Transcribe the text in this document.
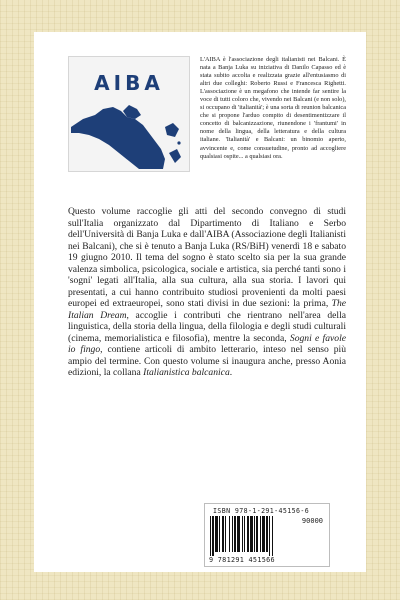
AIBA
L'AIBA è l'associazione degli italianisti nei Balcani. È nata a Banja Luka su iniziativa di Danilo Capasso ed è stata subito accolta e realizzata grazie all'entusiasmo di altri due colleghi: Roberto Russi e Francesca Righetti. L'associazione è un megafono che intende far sentire la voce di tutti coloro che, vivendo nei Balcani (e non solo), si occupano di 'italianità'; è una sorta di reunion balcanica che si propone l'arduo compito di desentimentizzare il concetto di balcanizzazione, riunendone i 'frantumi' in nome della lingua, della letteratura e della cultura italiane. 'Italianità' e Balcani: un binomio aperto, avvincente e, come consuetudine, pronto ad accogliere qualsiasi ospite... a qualsiasi ora.
Questo volume raccoglie gli atti del secondo convegno di studi sull'Italia organizzato dal Dipartimento di Italiano e Serbo dell'Università di Banja Luka e dall'AIBA (Associazione degli Italianisti nei Balcani), che si è tenuto a Banja Luka (RS/BiH) venerdì 18 e sabato 19 giugno 2010. Il tema del sogno è stato scelto sia per la sua grande valenza simbolica, psicologica, sociale e artistica, sia perché tanti sono i 'sogni' legati all'Italia, alla sua cultura, alla sua storia. I lavori qui presentati, a cui hanno contribuito studiosi provenienti da molti paesi europei ed extraeuropei, sono stati divisi in due sezioni: la prima, The Italian Dream, accoglie i contributi che rientrano nell'area della linguistica, della storia della lingua, della filologia e degli studi culturali (cinema, memorialistica e filosofia), mentre la seconda, Sogni e favole io fingo, contiene articoli di ambito letterario, inteso nel senso più ampio del termine. Con questo volume si inaugura anche, presso Aonia edizioni, la collana Italianistica balcanica.
ISBN 978-1-291-45156-6
90000
9 781291 451566
